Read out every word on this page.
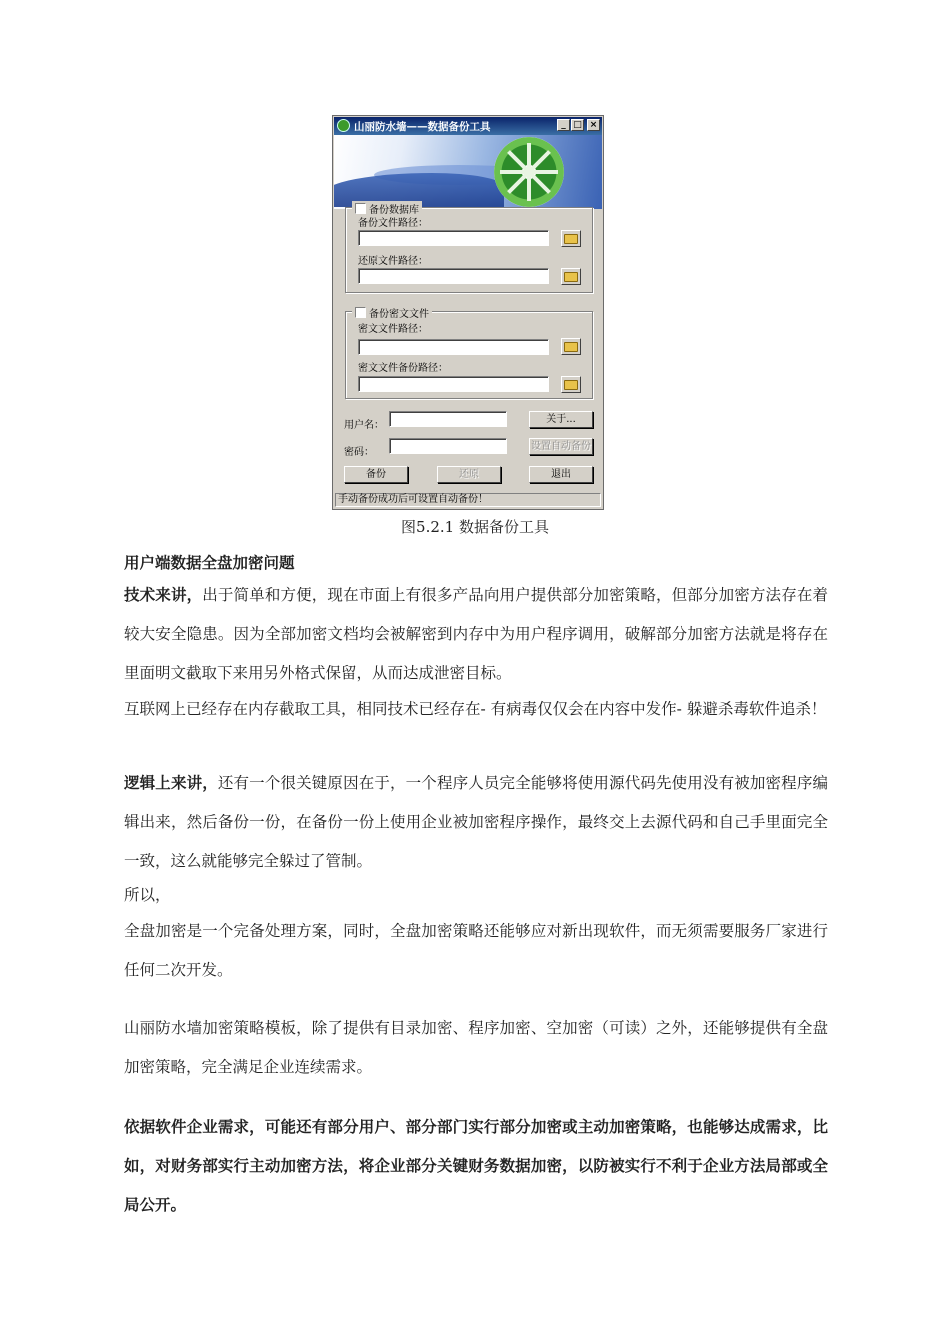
山丽防水墙——数据备份工具	_ □ ×
备份数据库
备份文件路径：
还原文件路径：
备份密文文件
密文文件路径：
密文文件备份路径：
用户名：
关于...
密码：
设置自动备份
备份	还原	退出
手动备份成功后可设置自动备份！
图5.2.1 数据备份工具
用户端数据全盘加密问题
技术来讲，出于简单和方便，现在市面上有很多产品向用户提供部分加密策略，但部分加密方法存在着较大安全隐患。因为全部加密文档均会被解密到内存中为用户程序调用，破解部分加密方法就是将存在里面明文截取下来用另外格式保留，从而达成泄密目标。
互联网上已经存在内存截取工具，相同技术已经存在- 有病毒仅仅会在内容中发作- 躲避杀毒软件追杀！
逻辑上来讲，还有一个很关键原因在于，一个程序人员完全能够将使用源代码先使用没有被加密程序编辑出来，然后备份一份，在备份一份上使用企业被加密程序操作，最终交上去源代码和自己手里面完全一致，这么就能够完全躲过了管制。
所以，
全盘加密是一个完备处理方案，同时，全盘加密策略还能够应对新出现软件，而无须需要服务厂家进行任何二次开发。
山丽防水墙加密策略模板，除了提供有目录加密、程序加密、空加密（可读）之外，还能够提供有全盘加密策略，完全满足企业连续需求。
依据软件企业需求，可能还有部分用户、部分部门实行部分加密或主动加密策略，也能够达成需求，比如，对财务部实行主动加密方法，将企业部分关键财务数据加密，以防被实行不利于企业方法局部或全局公开。
